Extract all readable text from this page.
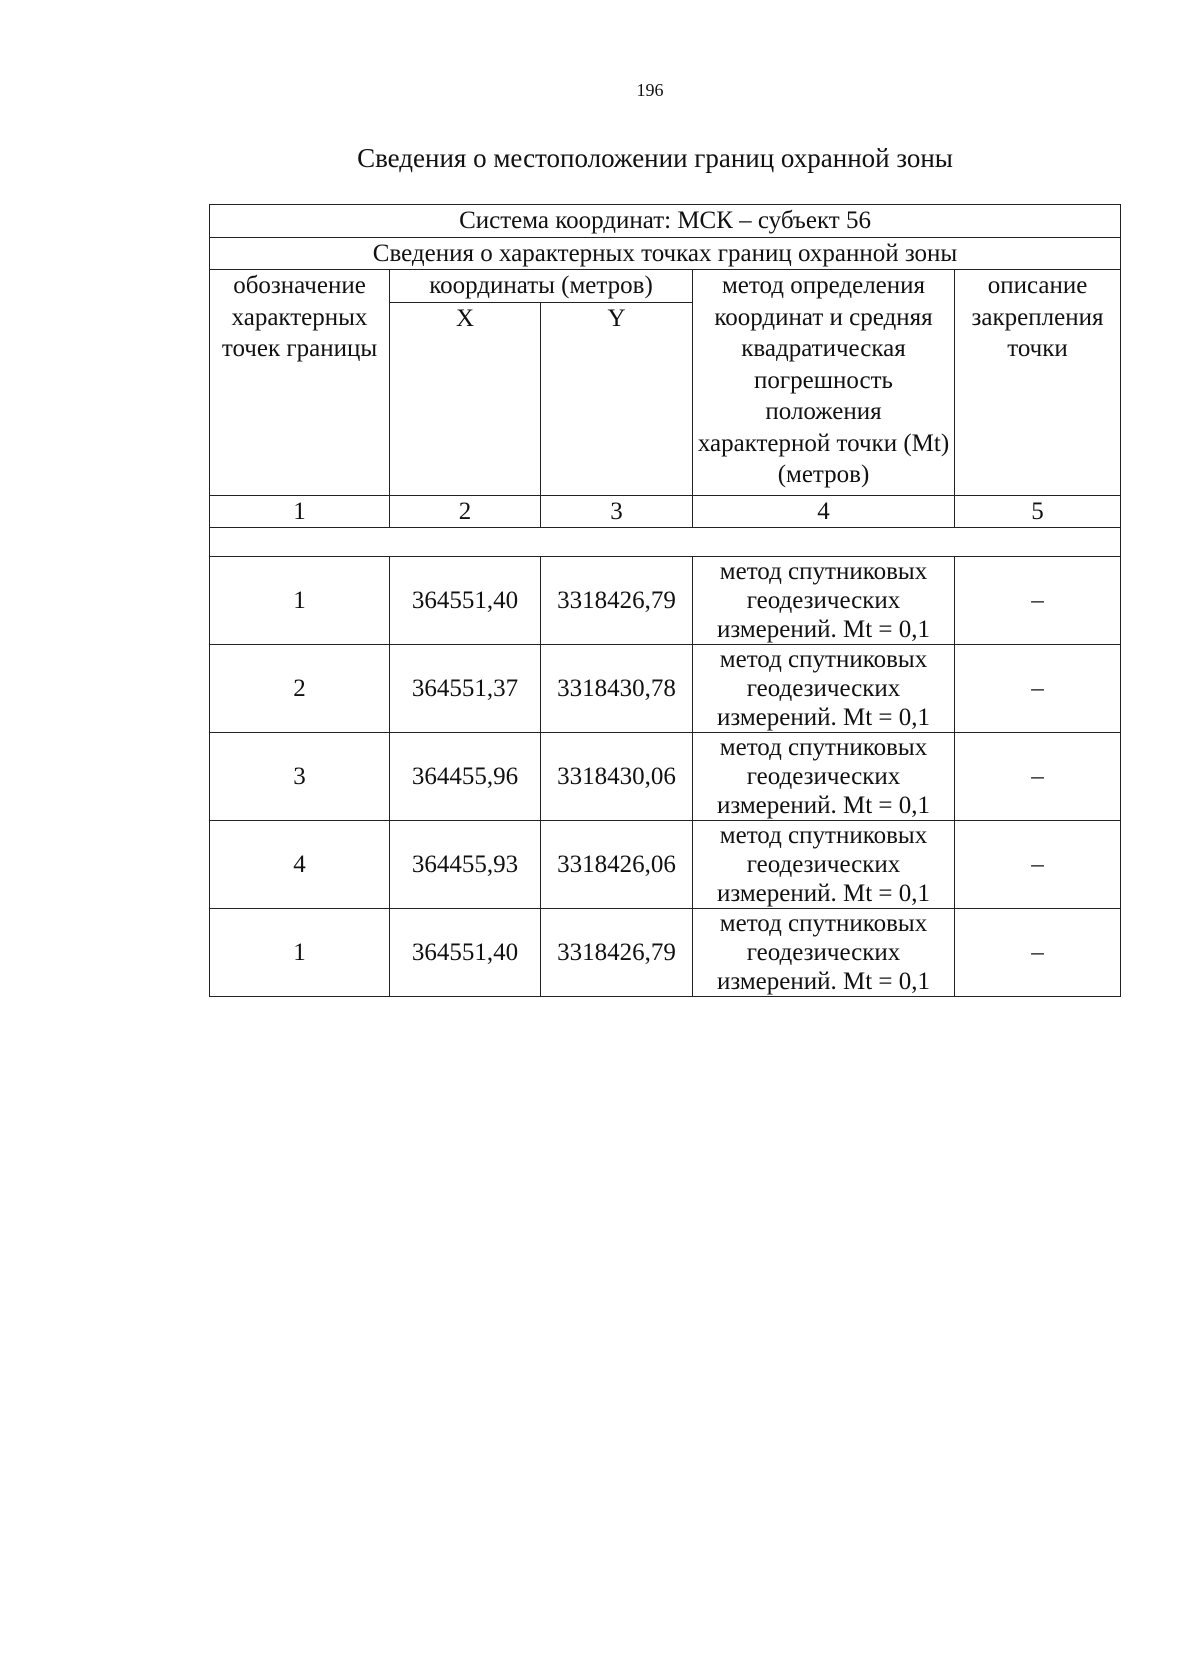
196
Сведения о местоположении границ охранной зоны
Система координат: МСК – субъект 56				
Сведения о характерных точках границ охранной зоны				
обозначение характерных точек границы	координаты (метров)		метод определения координат и средняя квадратическая погрешность положения характерной точки (Mt) (метров)	описание закрепления точки
	X	Y		
1	2	3	4	5

1	364551,40	3318426,79	метод спутниковых геодезических измерений. Mt = 0,1	–
2	364551,37	3318430,78	метод спутниковых геодезических измерений. Mt = 0,1	–
3	364455,96	3318430,06	метод спутниковых геодезических измерений. Mt = 0,1	–
4	364455,93	3318426,06	метод спутниковых геодезических измерений. Mt = 0,1	–
1	364551,40	3318426,79	метод спутниковых геодезических измерений. Mt = 0,1	–
